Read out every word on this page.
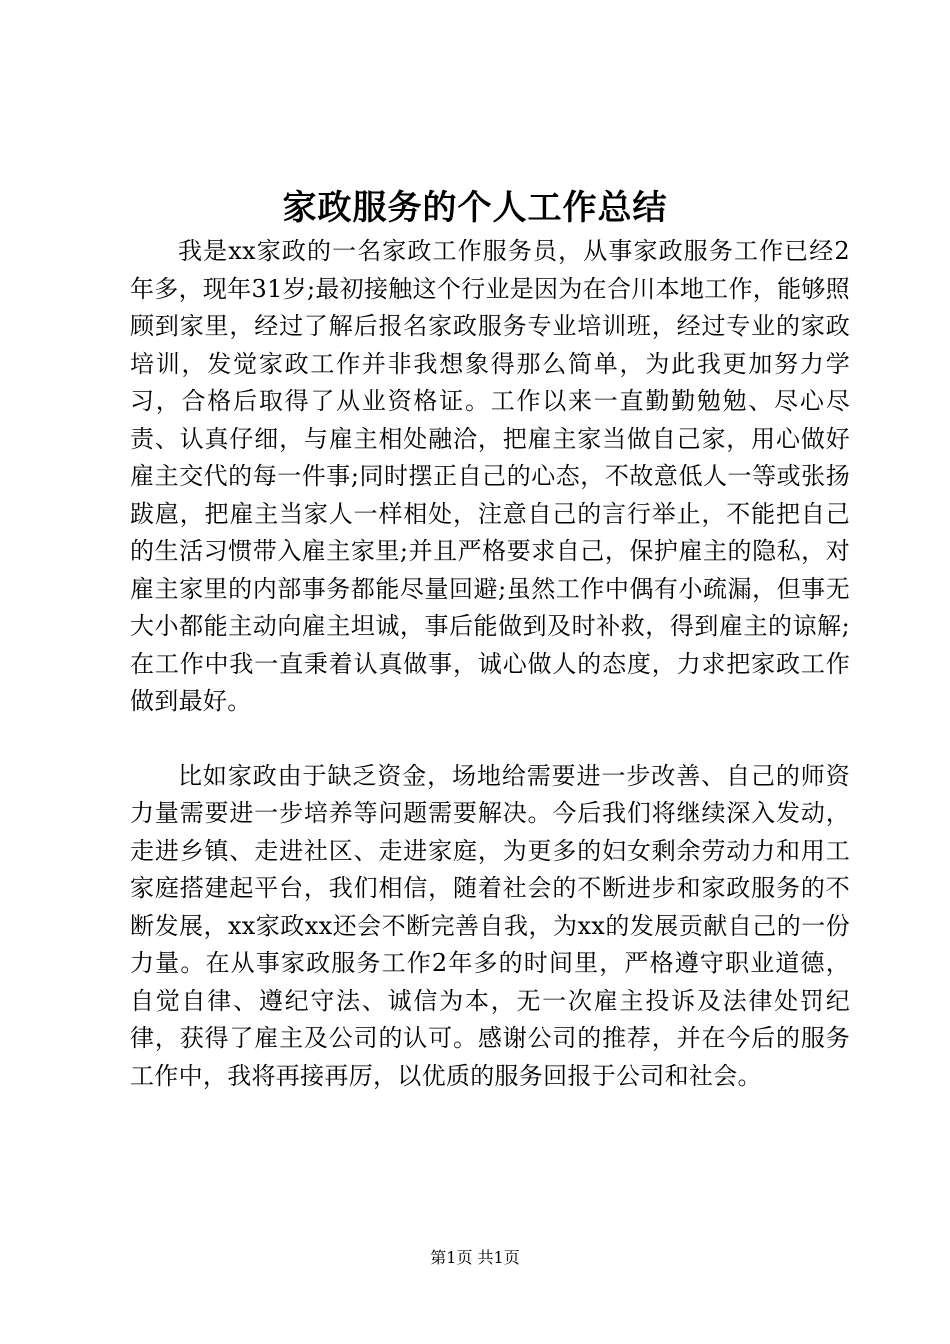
家政服务的个人工作总结

我是xx家政的一名家政工作服务员，从事家政服务工作已经2年多，现年31岁;最初接触这个行业是因为在合川本地工作，能够照顾到家里，经过了解后报名家政服务专业培训班，经过专业的家政培训，发觉家政工作并非我想象得那么简单，为此我更加努力学习，合格后取得了从业资格证。工作以来一直勤勤勉勉、尽心尽责、认真仔细，与雇主相处融洽，把雇主家当做自己家，用心做好雇主交代的每一件事;同时摆正自己的心态，不故意低人一等或张扬跋扈，把雇主当家人一样相处，注意自己的言行举止，不能把自己的生活习惯带入雇主家里;并且严格要求自己，保护雇主的隐私，对雇主家里的内部事务都能尽量回避;虽然工作中偶有小疏漏，但事无大小都能主动向雇主坦诚，事后能做到及时补救，得到雇主的谅解;在工作中我一直秉着认真做事，诚心做人的态度，力求把家政工作做到最好。

比如家政由于缺乏资金，场地给需要进一步改善、自己的师资力量需要进一步培养等问题需要解决。今后我们将继续深入发动，走进乡镇、走进社区、走进家庭，为更多的妇女剩余劳动力和用工家庭搭建起平台，我们相信，随着社会的不断进步和家政服务的不断发展，xx家政xx还会不断完善自我，为xx的发展贡献自己的一份力量。在从事家政服务工作2年多的时间里，严格遵守职业道德，自觉自律、遵纪守法、诚信为本，无一次雇主投诉及法律处罚纪律，获得了雇主及公司的认可。感谢公司的推荐，并在今后的服务工作中，我将再接再厉，以优质的服务回报于公司和社会。

第1页 共1页
